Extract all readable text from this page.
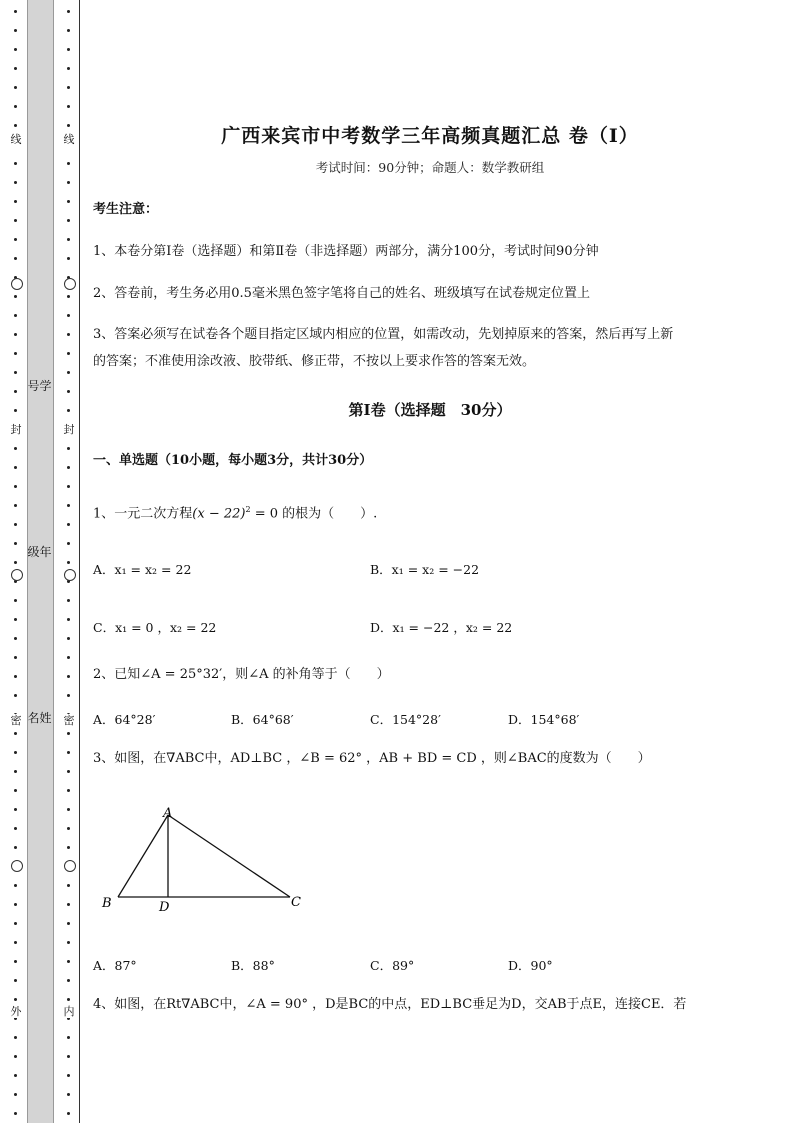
线
封
密
外
线
封
密
内
号学
级年
名姓
广西来宾市中考数学三年高频真题汇总 卷（Ⅰ）
考试时间：90分钟；命题人：数学教研组
考生注意：
1、本卷分第I卷（选择题）和第Ⅱ卷（非选择题）两部分，满分100分，考试时间90分钟
2、答卷前，考生务必用0.5毫米黑色签字笔将自己的姓名、班级填写在试卷规定位置上
3、答案必须写在试卷各个题目指定区域内相应的位置，如需改动，先划掉原来的答案，然后再写上新
的答案；不准使用涂改液、胶带纸、修正带，不按以上要求作答的答案无效。
第I卷（选择题　30分）
一、单选题（10小题，每小题3分，共计30分）
1、一元二次方程$(x - 22)^2 = 0$ 的根为（　　）.
A．x₁ = x₂ = 22	B．x₁ = x₂ = −22
C．x₁ = 0 ，x₂ = 22	D．x₁ = −22 ，x₂ = 22
2、已知∠A = 25°32′，则∠A 的补角等于（　　）
A．64°28′	B．64°68′	C．154°28′	D．154°68′
3、如图，在∇ABC中，AD⊥BC ，∠B = 62° ，AB + BD = CD ，则∠BAC的度数为（　　）
A
B	D	C
A．87°	B．88°	C．89°	D．90°
4、如图，在Rt∇ABC中，∠A = 90° ，D是BC的中点，ED⊥BC垂足为D，交AB于点E，连接CE．若
